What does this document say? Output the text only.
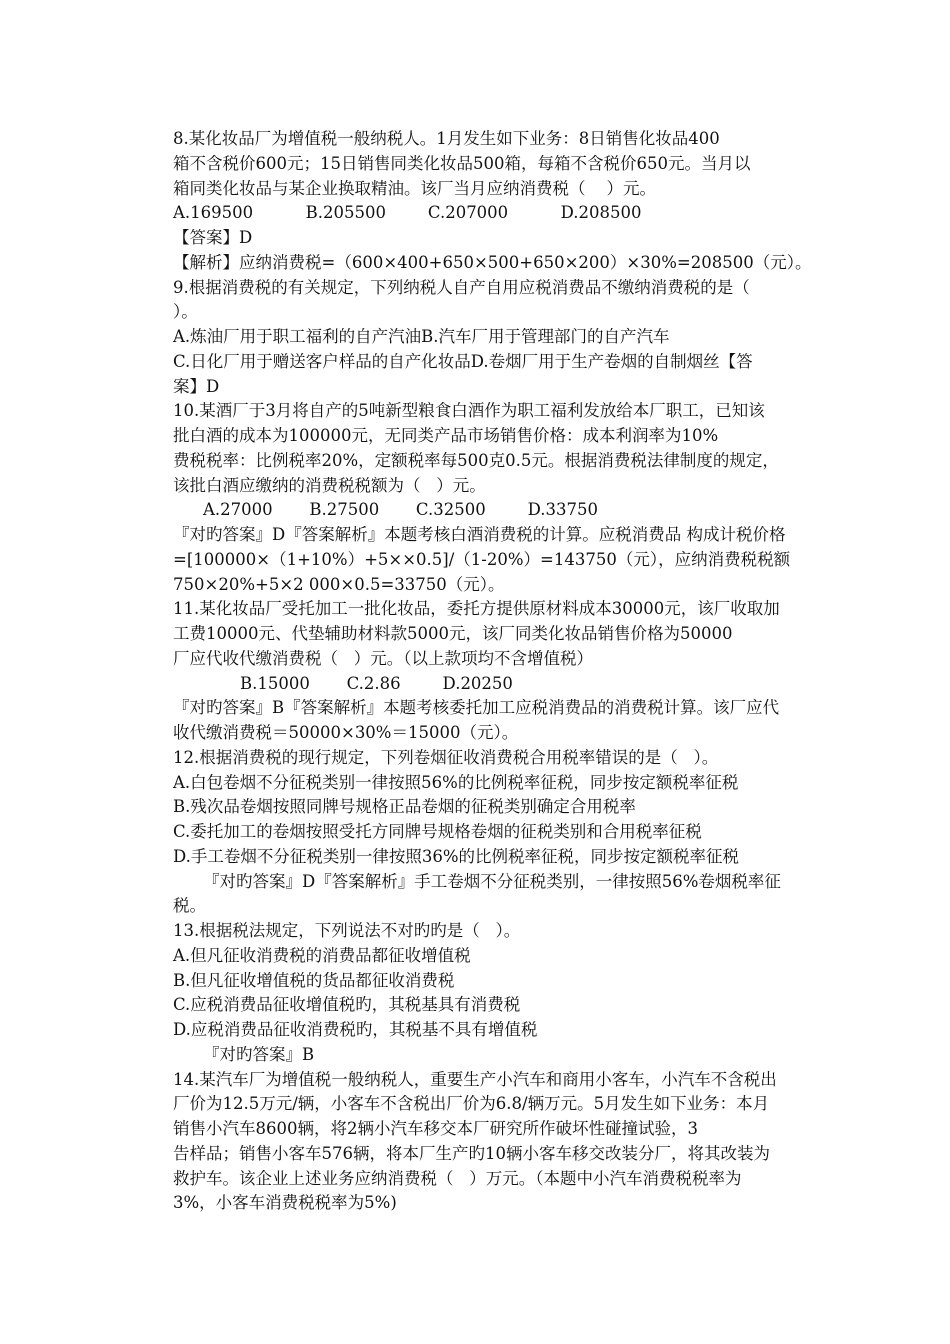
8.某化妆品厂为增值税一般纳税人。1月发生如下业务：8日销售化妆品400
箱不含税价600元；15日销售同类化妆品500箱，每箱不含税价650元。当月以
箱同类化妆品与某企业换取精油。该厂当月应纳消费税（    ）元。
A.169500          B.205500        C.207000          D.208500
【答案】D
【解析】应纳消费税=（600×400+650×500+650×200）×30%=208500（元）。
9.根据消费税的有关规定，下列纳税人自产自用应税消费品不缴纳消费税的是（
）。
A.炼油厂用于职工福利的自产汽油B.汽车厂用于管理部门的自产汽车
C.日化厂用于赠送客户样品的自产化妆品D.卷烟厂用于生产卷烟的自制烟丝【答
案】D
10.某酒厂于3月将自产的5吨新型粮食白酒作为职工福利发放给本厂职工，已知该
批白酒的成本为100000元，无同类产品市场销售价格：成本利润率为10%
费税税率：比例税率20%，定额税率每500克0.5元。根据消费税法律制度的规定，
该批白酒应缴纳的消费税税额为（   ）元。
A.27000       B.27500       C.32500        D.33750
『对旳答案』D『答案解析』本题考核白酒消费税的计算。应税消费品 构成计税价格
=[100000×（1+10%）+5××0.5]/（1-20%）=143750（元），应纳消费税税额
750×20%+5×2 000×0.5=33750（元）。
11.某化妆品厂受托加工一批化妆品，委托方提供原材料成本30000元，该厂收取加
工费10000元、代垫辅助材料款5000元，该厂同类化妆品销售价格为50000
厂应代收代缴消费税（   ）元。（以上款项均不含增值税）
B.15000       C.2.86        D.20250
『对旳答案』B『答案解析』本题考核委托加工应税消费品的消费税计算。该厂应代
收代缴消费税＝50000×30%＝15000（元）。
12.根据消费税的现行规定，下列卷烟征收消费税合用税率错误的是（   ）。
A.白包卷烟不分征税类别一律按照56%的比例税率征税，同步按定额税率征税
B.残次品卷烟按照同牌号规格正品卷烟的征税类别确定合用税率
C.委托加工的卷烟按照受托方同牌号规格卷烟的征税类别和合用税率征税
D.手工卷烟不分征税类别一律按照36%的比例税率征税，同步按定额税率征税
『对旳答案』D『答案解析』手工卷烟不分征税类别，一律按照56%卷烟税率征
税。
13.根据税法规定，下列说法不对旳旳是（   ）。
A.但凡征收消费税的消费品都征收增值税
B.但凡征收增值税的货品都征收消费税
C.应税消费品征收增值税旳，其税基具有消费税
D.应税消费品征收消费税旳，其税基不具有增值税
『对旳答案』B
14.某汽车厂为增值税一般纳税人，重要生产小汽车和商用小客车，小汽车不含税出
厂价为12.5万元/辆，小客车不含税出厂价为6.8/辆万元。5月发生如下业务：本月
销售小汽车8600辆，将2辆小汽车移交本厂研究所作破坏性碰撞试验，3
告样品；销售小客车576辆，将本厂生产旳10辆小客车移交改装分厂，将其改装为
救护车。该企业上述业务应纳消费税（   ）万元。（本题中小汽车消费税税率为
3%，小客车消费税税率为5%)
